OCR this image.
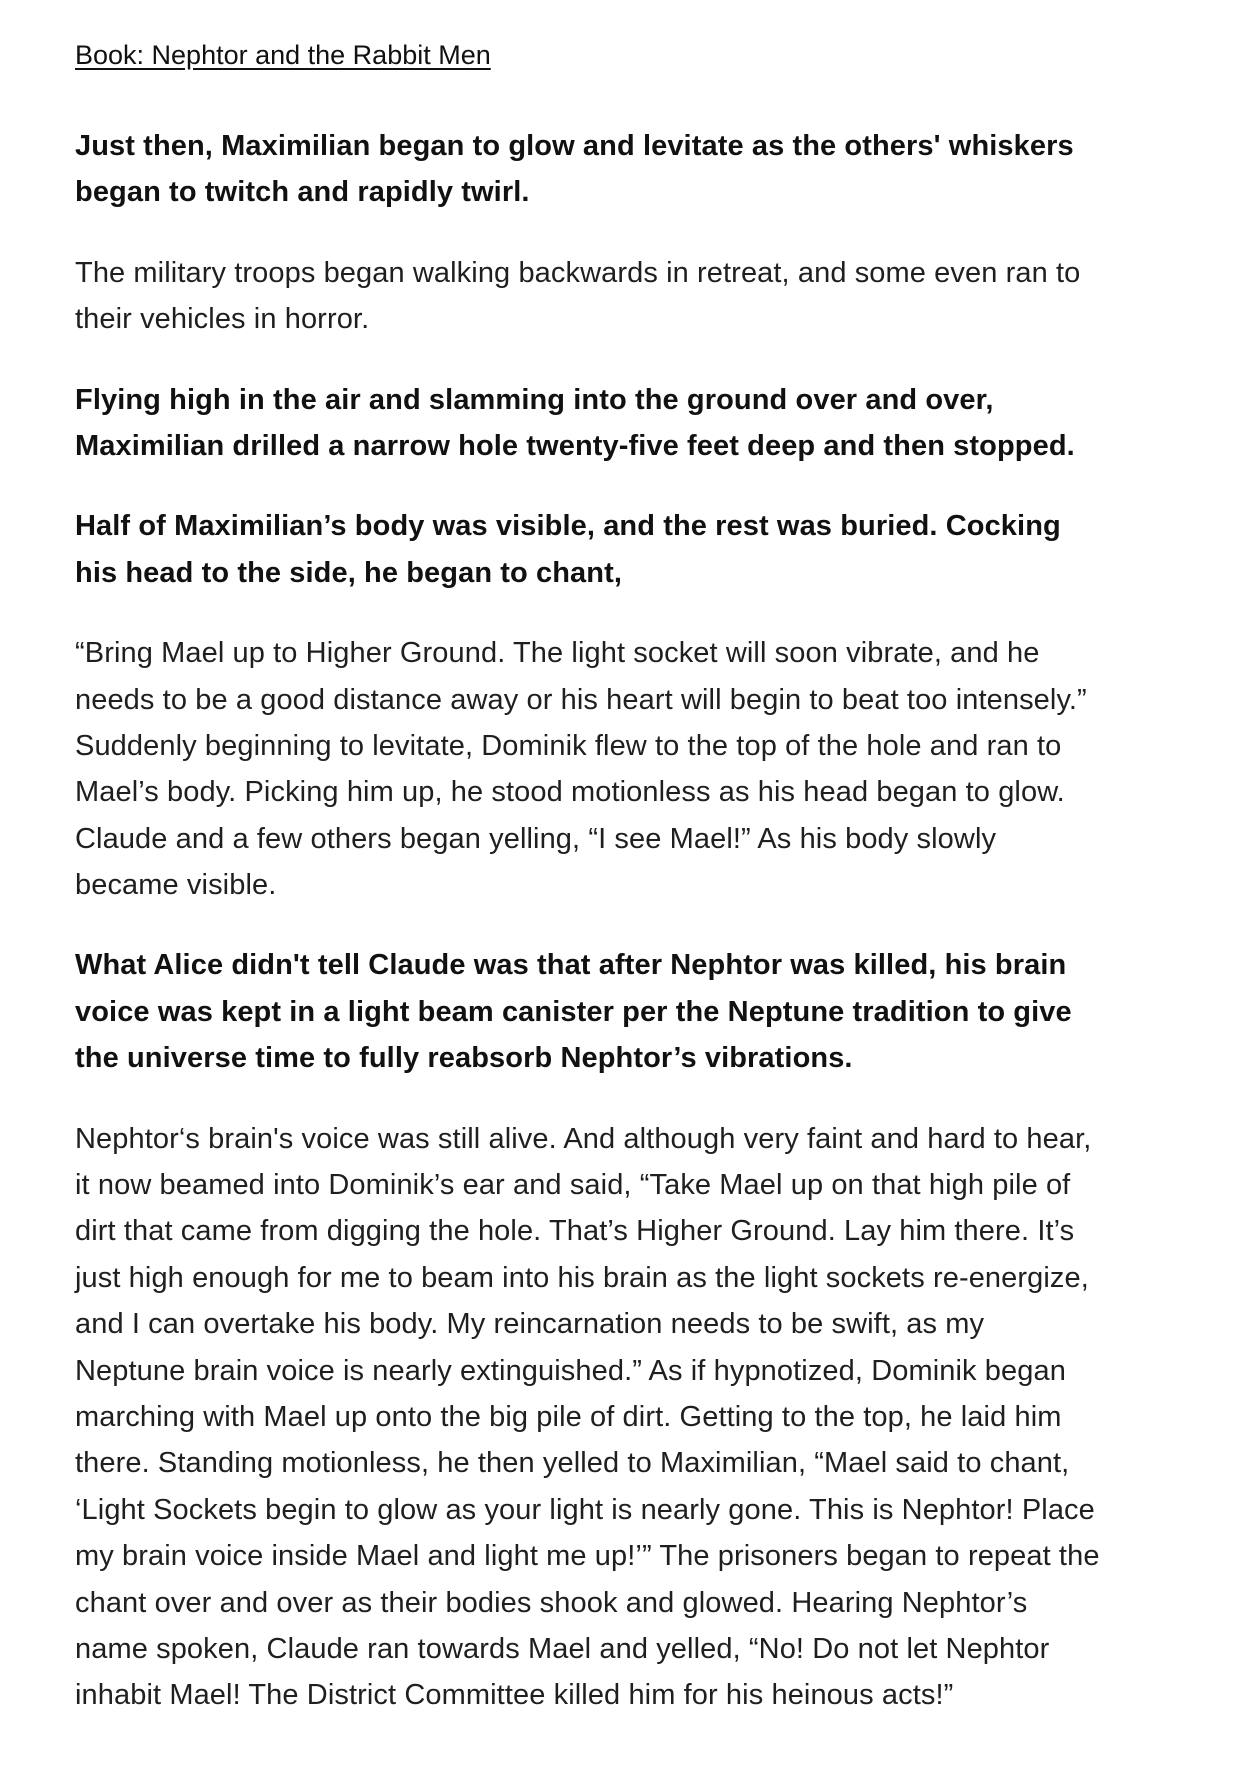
Book: Nephtor and the Rabbit Men

Just then, Maximilian began to glow and levitate as the others' whiskers began to twitch and rapidly twirl.

The military troops began walking backwards in retreat, and some even ran to their vehicles in horror.

Flying high in the air and slamming into the ground over and over, Maximilian drilled a narrow hole twenty-five feet deep and then stopped.

Half of Maximilian’s body was visible, and the rest was buried. Cocking his head to the side, he began to chant,

“Bring Mael up to Higher Ground. The light socket will soon vibrate, and he needs to be a good distance away or his heart will begin to beat too intensely.” Suddenly beginning to levitate, Dominik flew to the top of the hole and ran to Mael’s body. Picking him up, he stood motionless as his head began to glow. Claude and a few others began yelling, “I see Mael!” As his body slowly became visible.

What Alice didn't tell Claude was that after Nephtor was killed, his brain voice was kept in a light beam canister per the Neptune tradition to give the universe time to fully reabsorb Nephtor’s vibrations.

Nephtor‘s brain's voice was still alive. And although very faint and hard to hear, it now beamed into Dominik’s ear and said, “Take Mael up on that high pile of dirt that came from digging the hole. That’s Higher Ground. Lay him there. It’s just high enough for me to beam into his brain as the light sockets re-energize, and I can overtake his body. My reincarnation needs to be swift, as my Neptune brain voice is nearly extinguished.” As if hypnotized, Dominik began marching with Mael up onto the big pile of dirt. Getting to the top, he laid him there. Standing motionless, he then yelled to Maximilian, “Mael said to chant, ‘Light Sockets begin to glow as your light is nearly gone. This is Nephtor! Place my brain voice inside Mael and light me up!’” The prisoners began to repeat the chant over and over as their bodies shook and glowed. Hearing Nephtor’s name spoken, Claude ran towards Mael and yelled, “No! Do not let Nephtor inhabit Mael! The District Committee killed him for his heinous acts!”
